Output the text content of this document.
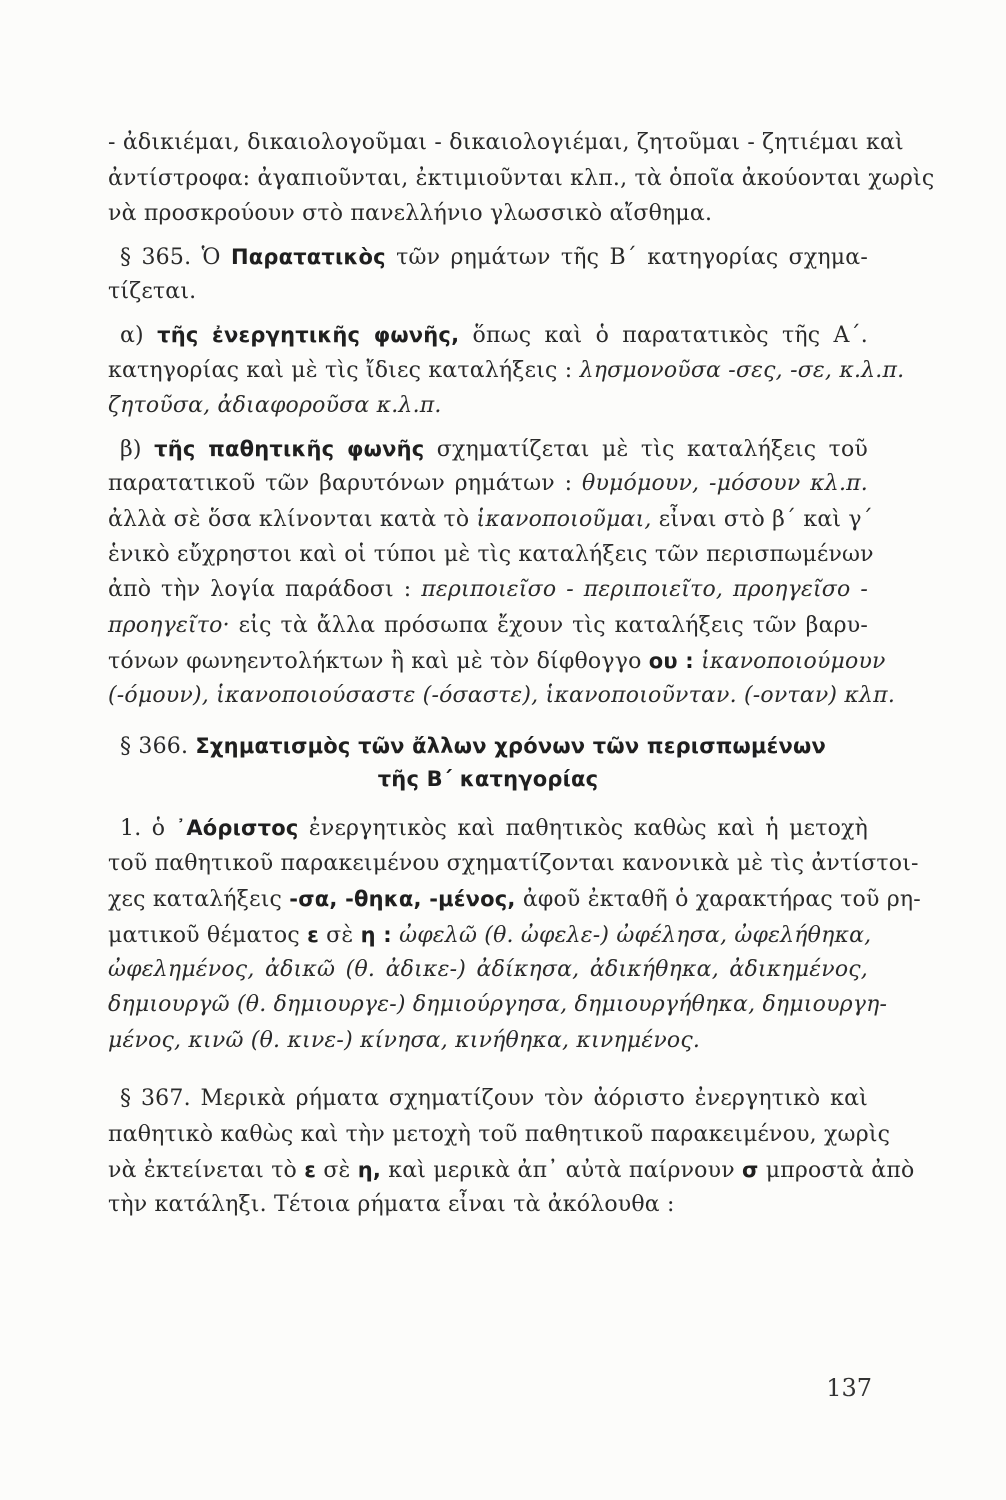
- ἀδικιέμαι, δικαιολογοῦμαι - δικαιολογιέμαι, ζητοῦμαι - ζητιέμαι καὶ
ἀντίστροφα: ἀγαπιοῦνται, ἐκτιμιοῦνται κλπ., τὰ ὁποῖα ἀκούονται χωρὶς
νὰ προσκρούουν στὸ πανελλήνιο γλωσσικὸ αἴσθημα.
§ 365. Ὁ Παρατατικὸς τῶν ρημάτων τῆς Β΄ κατηγορίας σχημα-
τίζεται.
α) τῆς ἐνεργητικῆς φωνῆς, ὅπως καὶ ὁ παρατατικὸς τῆς Α΄.
κατηγορίας καὶ μὲ τὶς ἴδιες καταλήξεις : λησμονοῦσα -σες, -σε, κ.λ.π.
ζητοῦσα, ἀδιαφοροῦσα κ.λ.π.
β) τῆς παθητικῆς φωνῆς σχηματίζεται μὲ τὶς καταλήξεις τοῦ
παρατατικοῦ τῶν βαρυτόνων ρημάτων : θυμόμουν, -μόσουν κλ.π.
ἀλλὰ σὲ ὅσα κλίνονται κατὰ τὸ ἱκανοποιοῦμαι, εἶναι στὸ β΄ καὶ γ΄
ἑνικὸ εὔχρηστοι καὶ οἱ τύποι μὲ τὶς καταλήξεις τῶν περισπωμένων
ἀπὸ τὴν λογία παράδοσι : περιποιεῖσο - περιποιεῖτο, προηγεῖσο -
προηγεῖτο· εἰς τὰ ἄλλα πρόσωπα ἔχουν τὶς καταλήξεις τῶν βαρυ-
τόνων φωνηεντολήκτων ἢ καὶ μὲ τὸν δίφθογγο ου : ἱκανοποιούμουν
(-όμουν), ἱκανοποιούσαστε (-όσαστε), ἱκανοποιοῦνταν. (-ονταν) κλπ.
§ 366. Σχηματισμὸς τῶν ἄλλων χρόνων τῶν περισπωμένων
τῆς Β΄ κατηγορίας
1. ὁ ᾿Αόριστος ἐνεργητικὸς καὶ παθητικὸς καθὼς καὶ ἡ μετοχὴ
τοῦ παθητικοῦ παρακειμένου σχηματίζονται κανονικὰ μὲ τὶς ἀντίστοι-
χες καταλήξεις -σα, -θηκα, -μένος, ἀφοῦ ἐκταθῆ ὁ χαρακτήρας τοῦ ρη-
ματικοῦ θέματος ε σὲ η : ὠφελῶ (θ. ὠφελε-) ὠφέλησα, ὠφελήθηκα,
ὠφελημένος, ἀδικῶ (θ. ἀδικε-) ἀδίκησα, ἀδικήθηκα, ἀδικημένος,
δημιουργῶ (θ. δημιουργε-) δημιούργησα, δημιουργήθηκα, δημιουργη-
μένος, κινῶ (θ. κινε-) κίνησα, κινήθηκα, κινημένος.
§ 367. Μερικὰ ρήματα σχηματίζουν τὸν ἀόριστο ἐνεργητικὸ καὶ
παθητικὸ καθὼς καὶ τὴν μετοχὴ τοῦ παθητικοῦ παρακειμένου, χωρὶς
νὰ ἐκτείνεται τὸ ε σὲ η, καὶ μερικὰ ἀπ᾿ αὐτὰ παίρνουν σ μπροστὰ ἀπὸ
τὴν κατάληξι. Τέτοια ρήματα εἶναι τὰ ἀκόλουθα :
137
